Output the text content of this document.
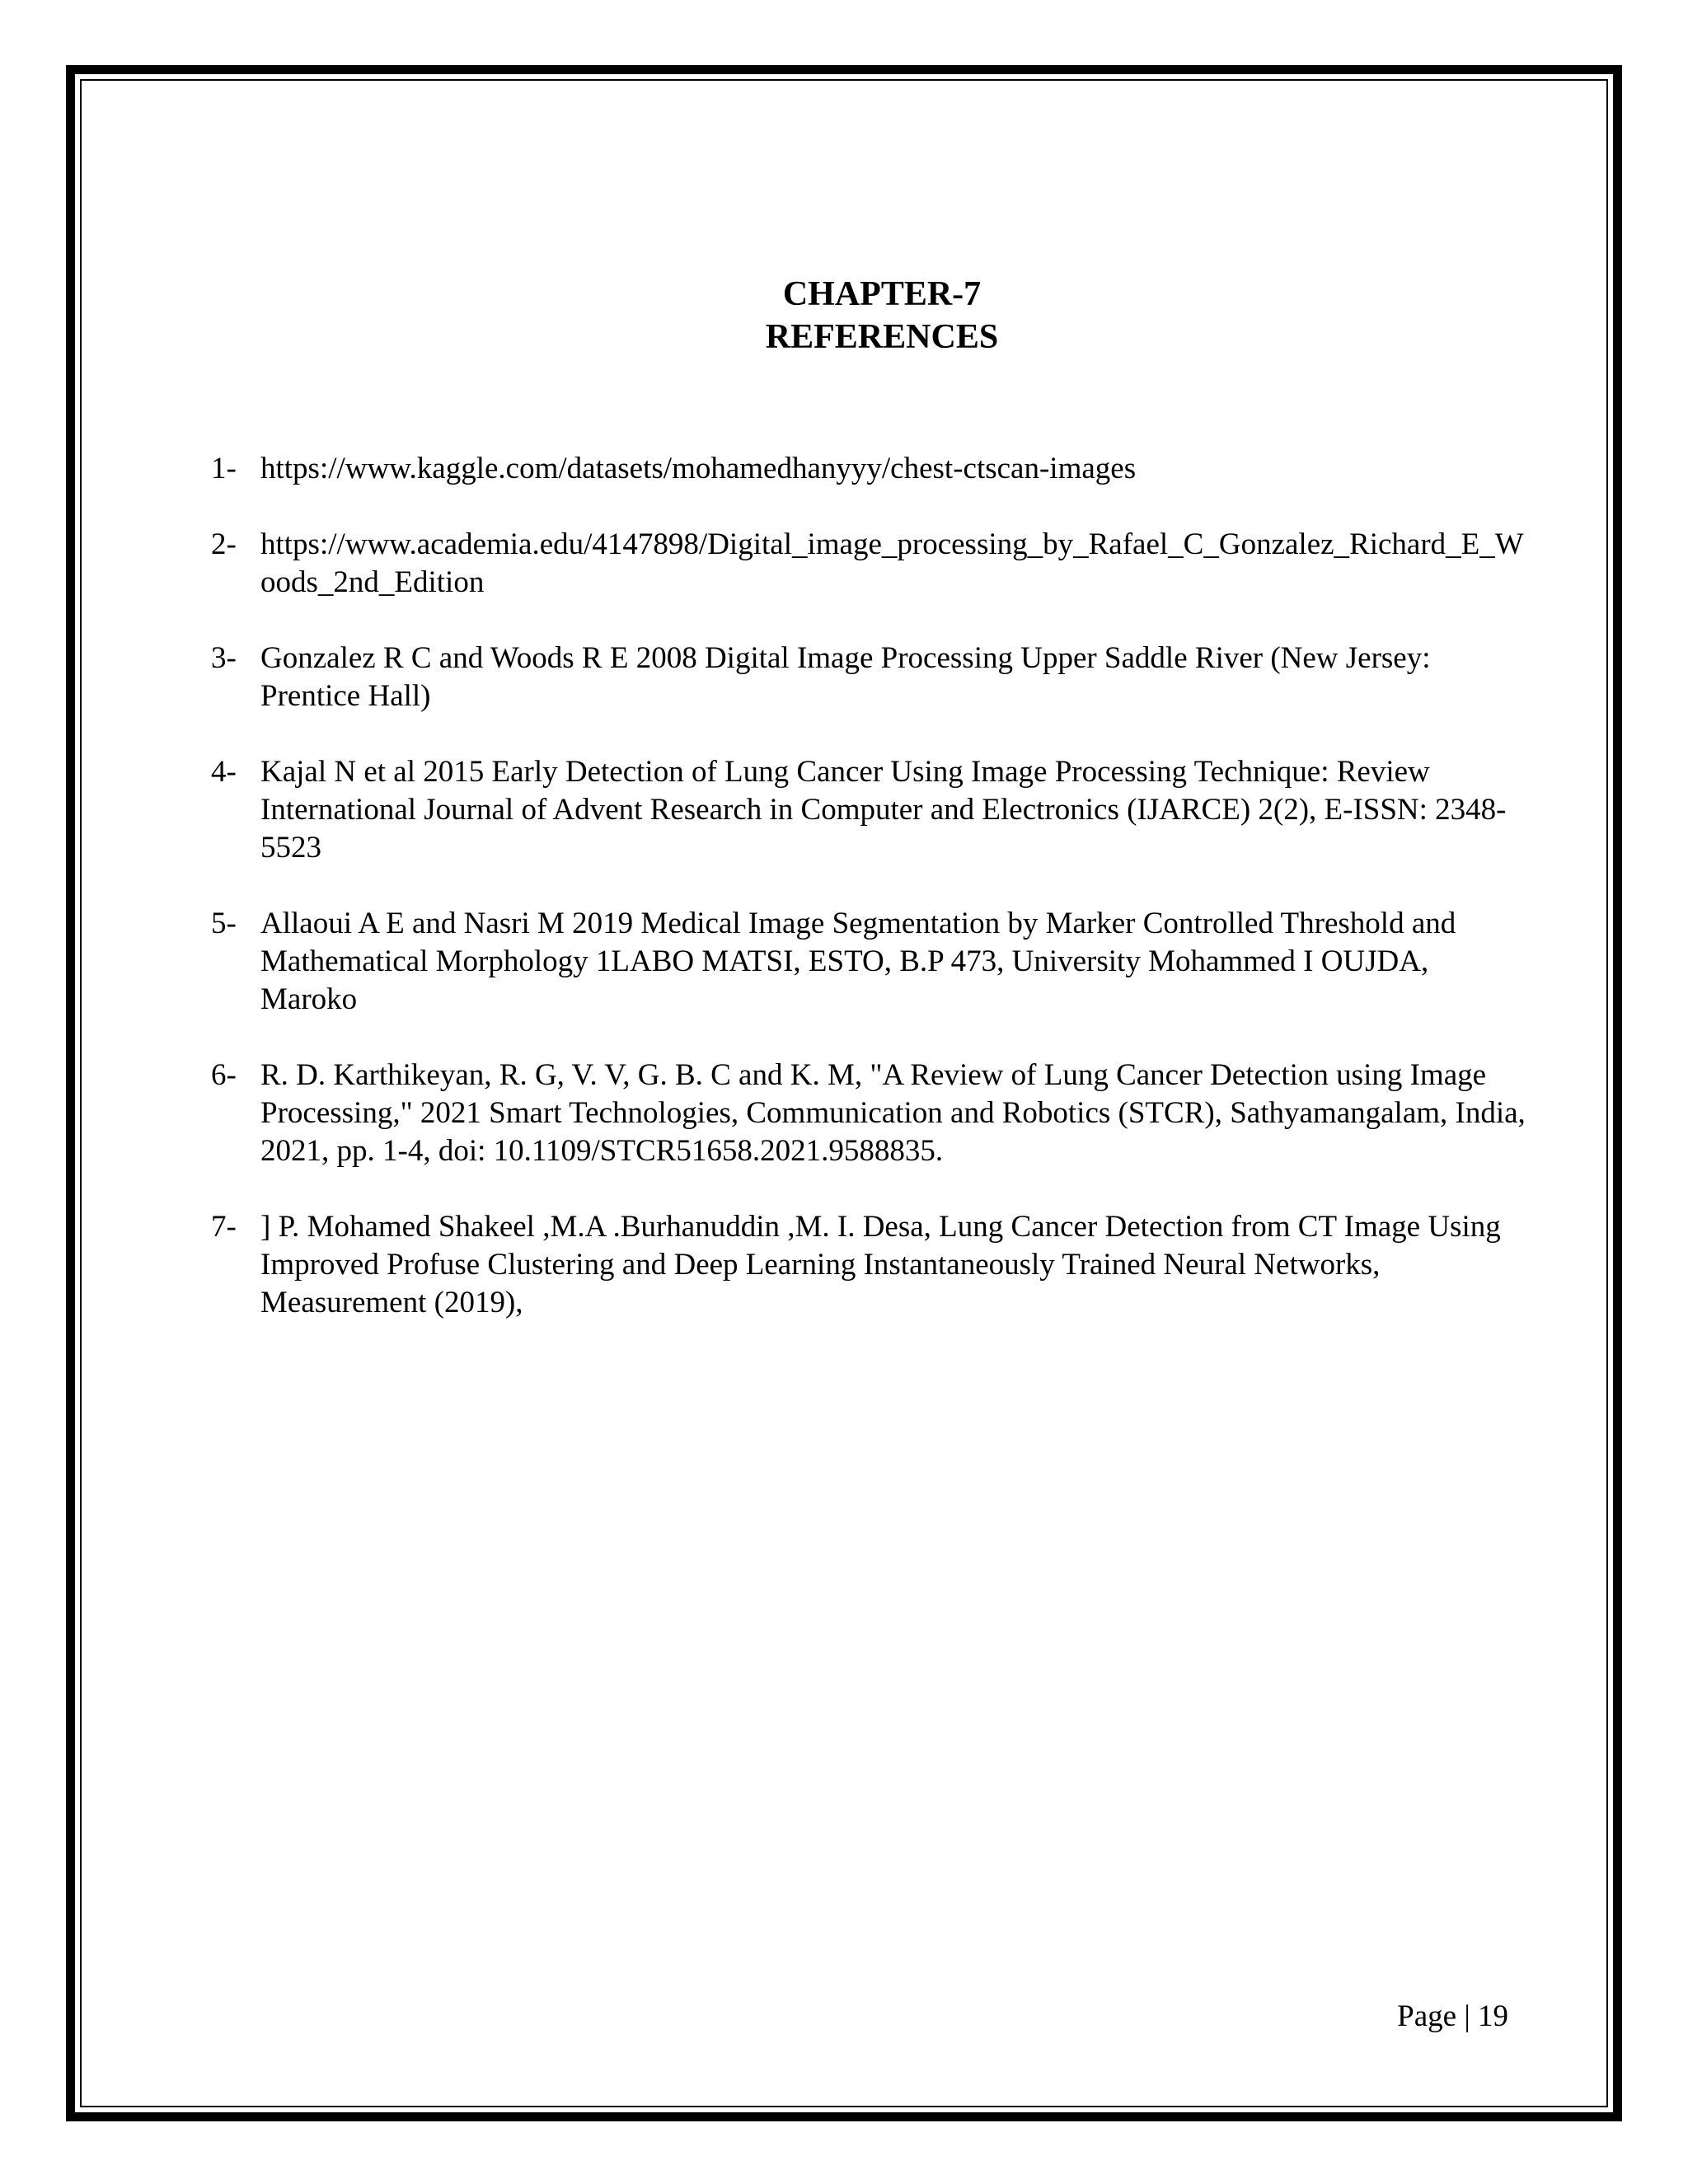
CHAPTER-7
REFERENCES
1- https://www.kaggle.com/datasets/mohamedhanyyy/chest-ctscan-images
2- https://www.academia.edu/4147898/Digital_image_processing_by_Rafael_C_Gonzalez_Richard_E_Woods_2nd_Edition
3- Gonzalez R C and Woods R E 2008 Digital Image Processing Upper Saddle River (New Jersey: Prentice Hall)
4- Kajal N et al 2015 Early Detection of Lung Cancer Using Image Processing Technique: Review International Journal of Advent Research in Computer and Electronics (IJARCE) 2(2), E-ISSN: 2348-5523
5- Allaoui A E and Nasri M 2019 Medical Image Segmentation by Marker Controlled Threshold and Mathematical Morphology 1LABO MATSI, ESTO, B.P 473, University Mohammed I OUJDA, Maroko
6- R. D. Karthikeyan, R. G, V. V, G. B. C and K. M, "A Review of Lung Cancer Detection using Image Processing," 2021 Smart Technologies, Communication and Robotics (STCR), Sathyamangalam, India, 2021, pp. 1-4, doi: 10.1109/STCR51658.2021.9588835.
7- ] P. Mohamed Shakeel ,M.A .Burhanuddin ,M. I. Desa, Lung Cancer Detection from CT Image Using Improved Profuse Clustering and Deep Learning Instantaneously Trained Neural Networks, Measurement (2019),
Page | 19
